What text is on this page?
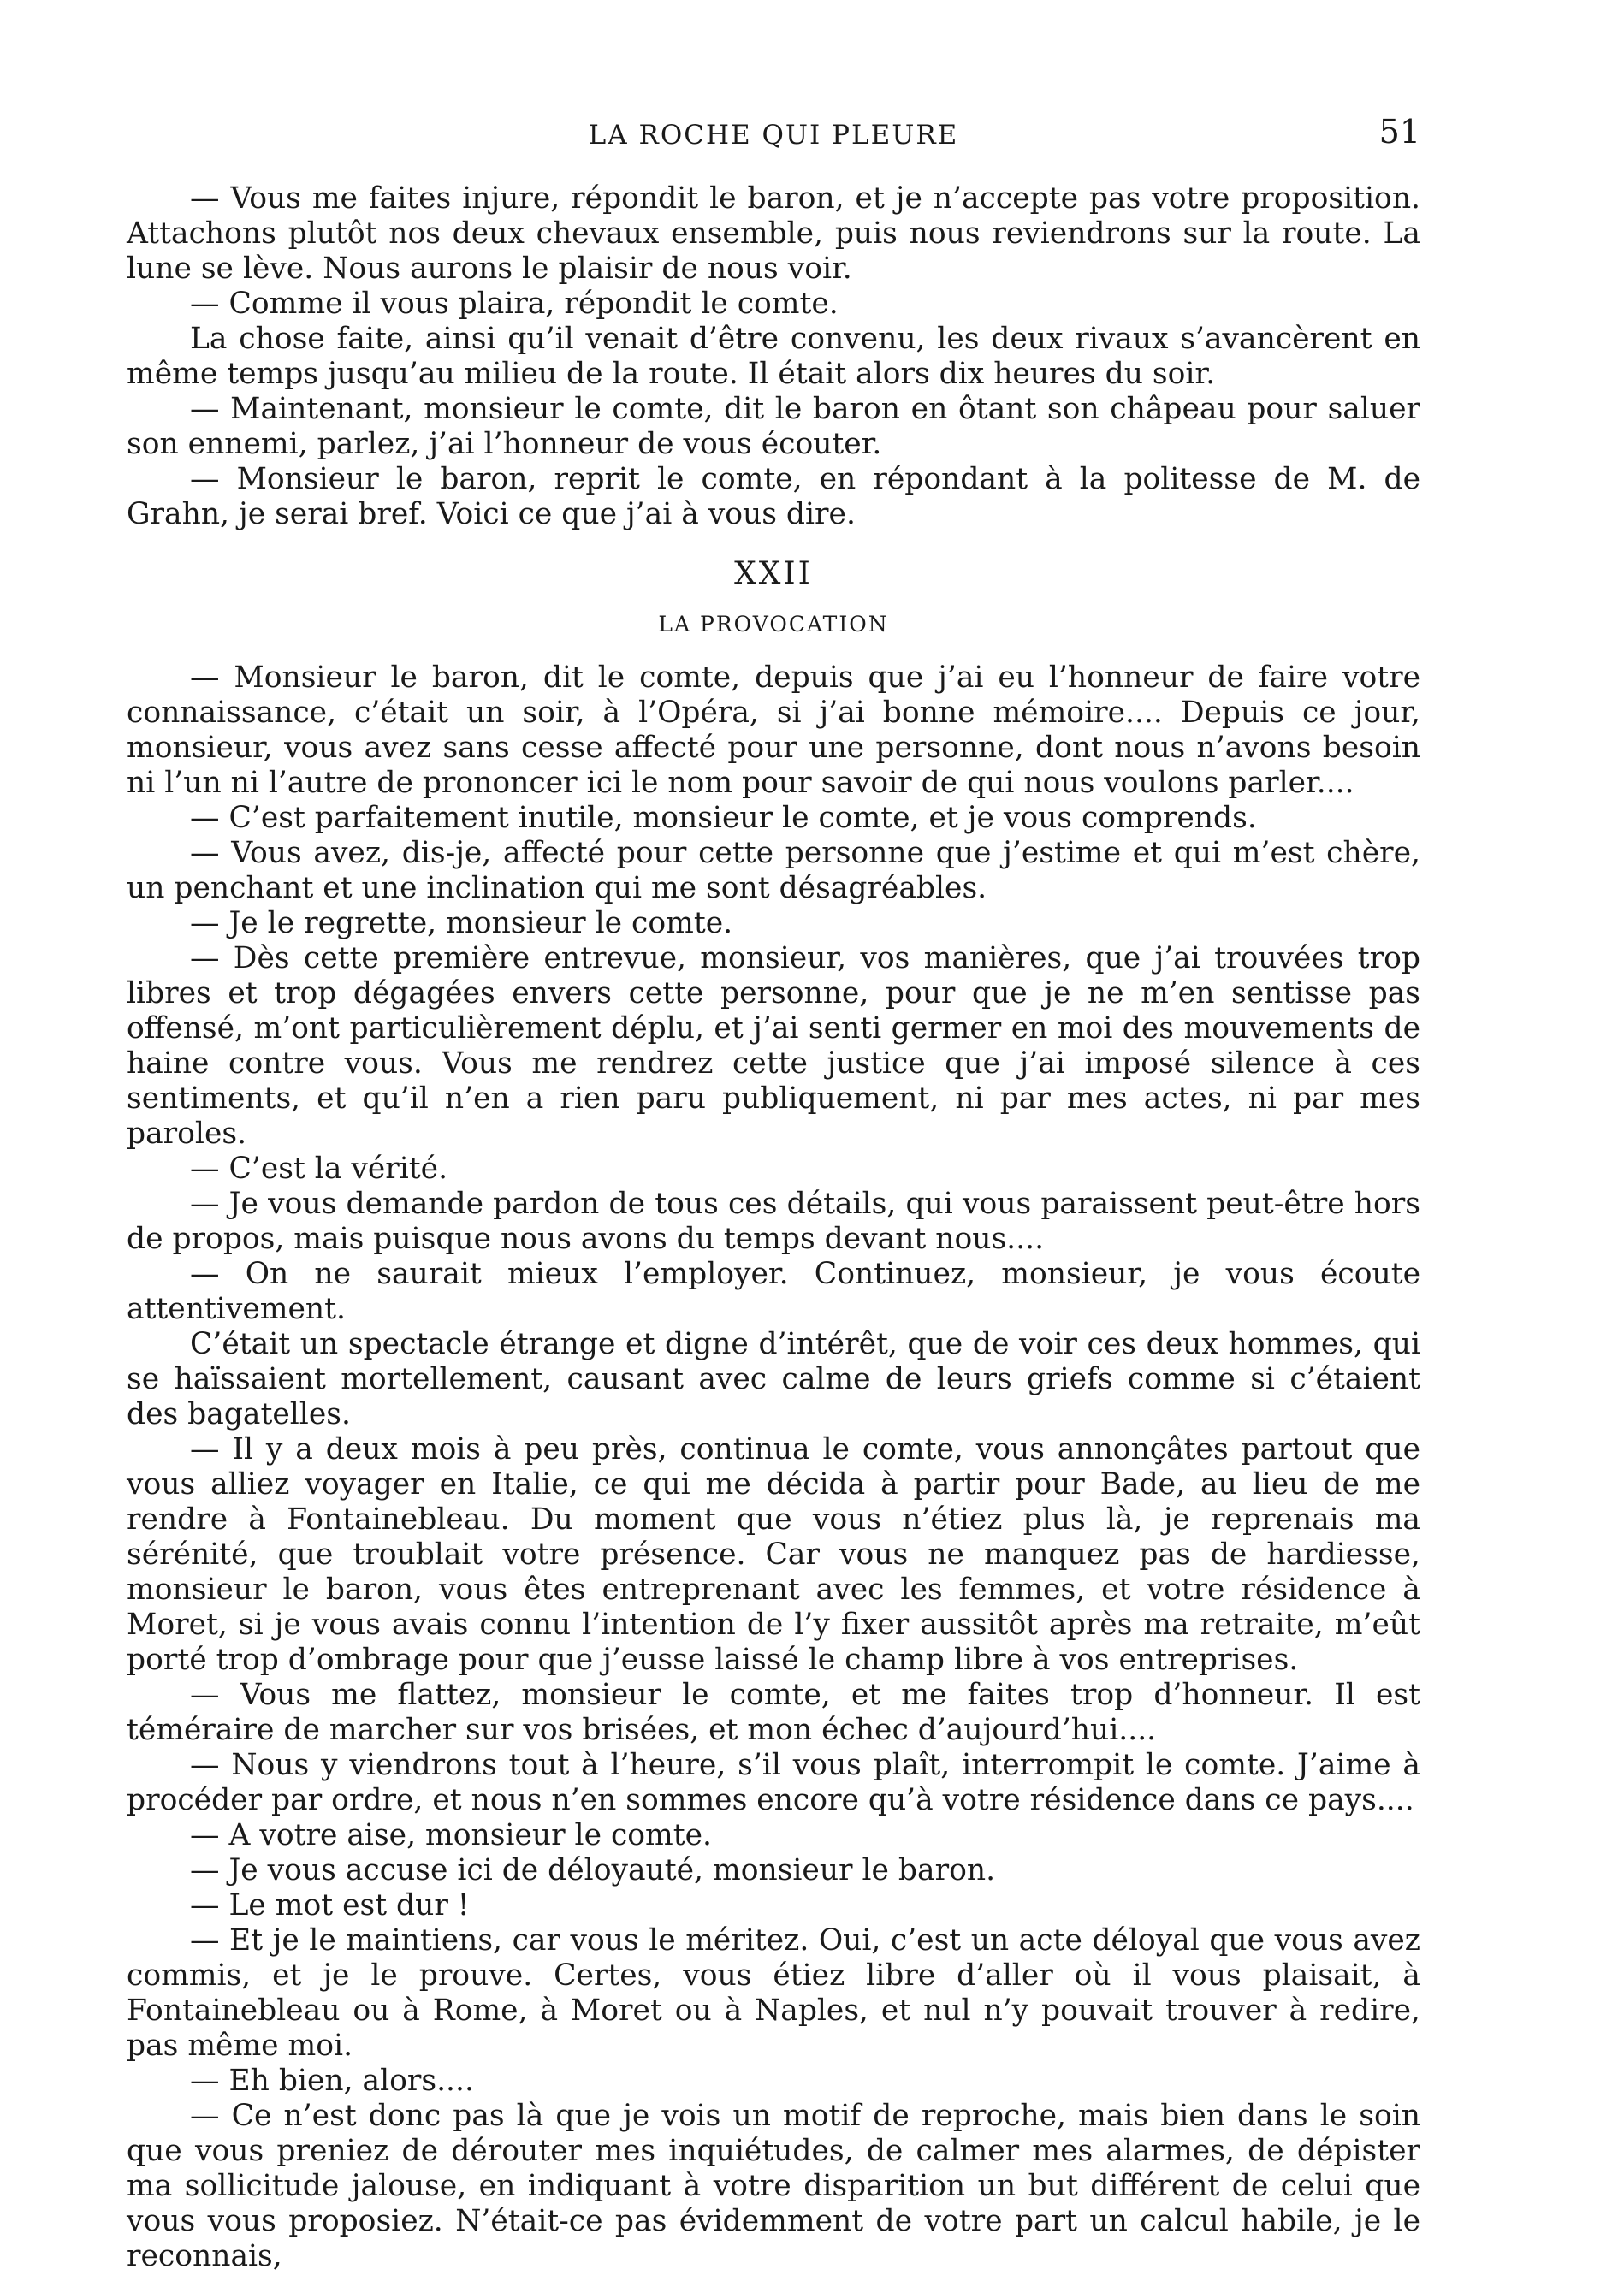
LA ROCHE QUI PLEURE	51

— Vous me faites injure, répondit le baron, et je n’accepte pas votre proposition. Attachons plutôt nos deux chevaux ensemble, puis nous reviendrons sur la route. La lune se lève. Nous aurons le plaisir de nous voir.

— Comme il vous plaira, répondit le comte.

La chose faite, ainsi qu’il venait d’être convenu, les deux rivaux s’avancèrent en même temps jusqu’au milieu de la route. Il était alors dix heures du soir.

— Maintenant, monsieur le comte, dit le baron en ôtant son châpeau pour saluer son ennemi, parlez, j’ai l’honneur de vous écouter.

— Monsieur le baron, reprit le comte, en répondant à la politesse de M. de Grahn, je serai bref. Voici ce que j’ai à vous dire.

XXII
LA PROVOCATION

— Monsieur le baron, dit le comte, depuis que j’ai eu l’honneur de faire votre connaissance, c’était un soir, à l’Opéra, si j’ai bonne mémoire.... Depuis ce jour, monsieur, vous avez sans cesse affecté pour une personne, dont nous n’avons besoin ni l’un ni l’autre de prononcer ici le nom pour savoir de qui nous voulons parler....

— C’est parfaitement inutile, monsieur le comte, et je vous comprends.

— Vous avez, dis-je, affecté pour cette personne que j’estime et qui m’est chère, un penchant et une inclination qui me sont désagréables.

— Je le regrette, monsieur le comte.

— Dès cette première entrevue, monsieur, vos manières, que j’ai trouvées trop libres et trop dégagées envers cette personne, pour que je ne m’en sentisse pas offensé, m’ont particulièrement déplu, et j’ai senti germer en moi des mouvements de haine contre vous. Vous me rendrez cette justice que j’ai imposé silence à ces sentiments, et qu’il n’en a rien paru publiquement, ni par mes actes, ni par mes paroles.

— C’est la vérité.

— Je vous demande pardon de tous ces détails, qui vous paraissent peut-être hors de propos, mais puisque nous avons du temps devant nous....

— On ne saurait mieux l’employer. Continuez, monsieur, je vous écoute attentivement.

C’était un spectacle étrange et digne d’intérêt, que de voir ces deux hommes, qui se haïssaient mortellement, causant avec calme de leurs griefs comme si c’étaient des bagatelles.

— Il y a deux mois à peu près, continua le comte, vous annonçâtes partout que vous alliez voyager en Italie, ce qui me décida à partir pour Bade, au lieu de me rendre à Fontainebleau. Du moment que vous n’étiez plus là, je reprenais ma sérénité, que troublait votre présence. Car vous ne manquez pas de hardiesse, monsieur le baron, vous êtes entreprenant avec les femmes, et votre résidence à Moret, si je vous avais connu l’intention de l’y fixer aussitôt après ma retraite, m’eût porté trop d’ombrage pour que j’eusse laissé le champ libre à vos entreprises.

— Vous me flattez, monsieur le comte, et me faites trop d’honneur. Il est téméraire de marcher sur vos brisées, et mon échec d’aujourd’hui....

— Nous y viendrons tout à l’heure, s’il vous plaît, interrompit le comte. J’aime à procéder par ordre, et nous n’en sommes encore qu’à votre résidence dans ce pays....

— A votre aise, monsieur le comte.

— Je vous accuse ici de déloyauté, monsieur le baron.

— Le mot est dur !

— Et je le maintiens, car vous le méritez. Oui, c’est un acte déloyal que vous avez commis, et je le prouve. Certes, vous étiez libre d’aller où il vous plaisait, à Fontainebleau ou à Rome, à Moret ou à Naples, et nul n’y pouvait trouver à redire, pas même moi.

— Eh bien, alors....

— Ce n’est donc pas là que je vois un motif de reproche, mais bien dans le soin que vous preniez de dérouter mes inquiétudes, de calmer mes alarmes, de dépister ma sollicitude jalouse, en indiquant à votre disparition un but différent de celui que vous vous proposiez. N’était-ce pas évidemment de votre part un calcul habile, je le reconnais,
